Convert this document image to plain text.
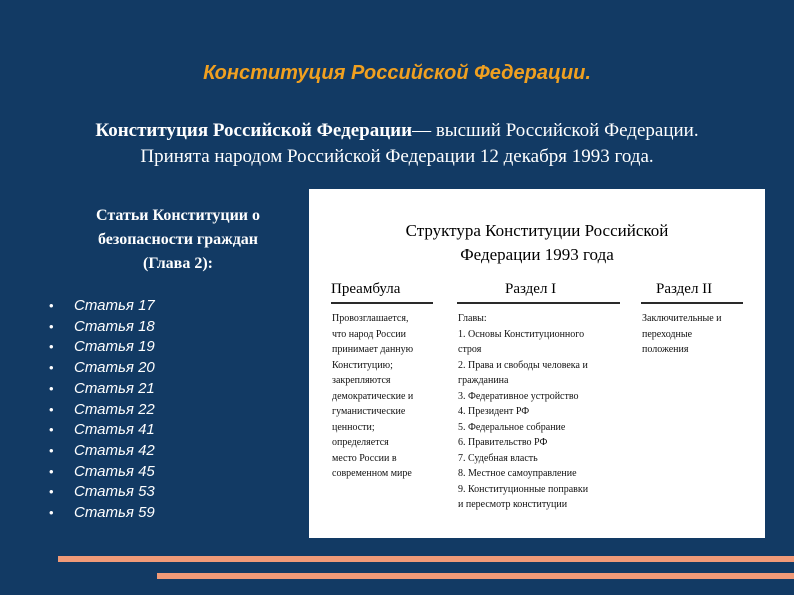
Конституция Российской Федерации.
Конституция Российской Федерации— высший Российской Федерации.
Принята народом Российской Федерации 12 декабря 1993 года.
Статьи Конституции о
безопасности граждан
(Глава 2):
• Статья 17
• Статья 18
• Статья 19
• Статья 20
• Статья 21
• Статья 22
• Статья 41
• Статья 42
• Статья 45
• Статья 53
• Статья 59
Структура Конституции Российской
Федерации 1993 года
Преамбула
Провозглашается,
что народ России
принимает данную
Конституцию;
закрепляются
демократические и
гуманистические
ценности;
определяется
место России в
современном мире
Раздел I
Главы:
1. Основы Конституционного
строя
2. Права и свободы человека и
гражданина
3. Федеративное устройство
4. Президент РФ
5. Федеральное собрание
6. Правительство РФ
7. Судебная власть
8. Местное самоуправление
9. Конституционные поправки
и пересмотр конституции
Раздел II
Заключительные и
переходные
положения
